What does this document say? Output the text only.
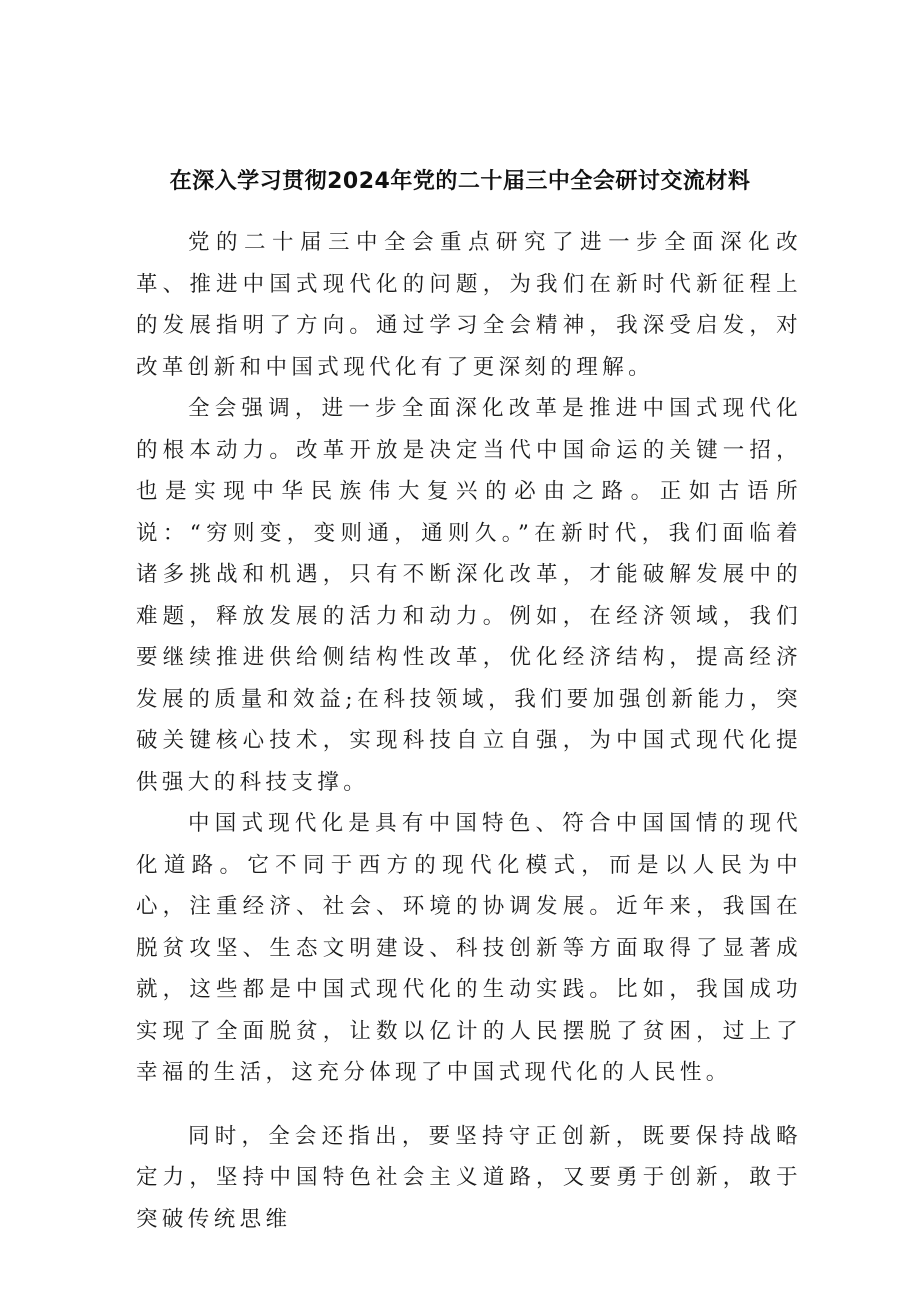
在深入学习贯彻2024年党的二十届三中全会研讨交流材料

党的二十届三中全会重点研究了进一步全面深化改革、推进中国式现代化的问题，为我们在新时代新征程上的发展指明了方向。通过学习全会精神，我深受启发，对改革创新和中国式现代化有了更深刻的理解。

全会强调，进一步全面深化改革是推进中国式现代化的根本动力。改革开放是决定当代中国命运的关键一招，也是实现中华民族伟大复兴的必由之路。正如古语所说：“穷则变，变则通，通则久。”在新时代，我们面临着诸多挑战和机遇，只有不断深化改革，才能破解发展中的难题，释放发展的活力和动力。例如，在经济领域，我们要继续推进供给侧结构性改革，优化经济结构，提高经济发展的质量和效益;在科技领域，我们要加强创新能力，突破关键核心技术，实现科技自立自强，为中国式现代化提供强大的科技支撑。

中国式现代化是具有中国特色、符合中国国情的现代化道路。它不同于西方的现代化模式，而是以人民为中心，注重经济、社会、环境的协调发展。近年来，我国在脱贫攻坚、生态文明建设、科技创新等方面取得了显著成就，这些都是中国式现代化的生动实践。比如，我国成功实现了全面脱贫，让数以亿计的人民摆脱了贫困，过上了幸福的生活，这充分体现了中国式现代化的人民性。

同时，全会还指出，要坚持守正创新，既要保持战略定力，坚持中国特色社会主义道路，又要勇于创新，敢于突破传统思维
